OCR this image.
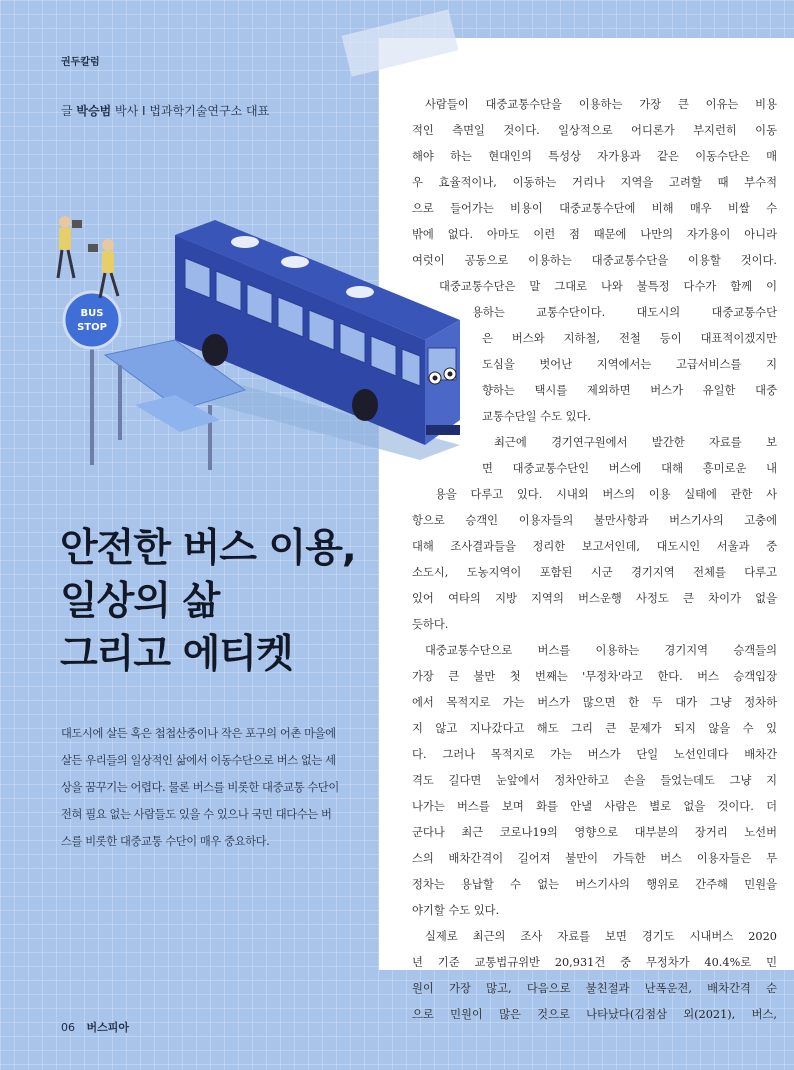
권두칼럼
글 박승범 박사 I 법과학기술연구소 대표
BUS
STOP
안전한 버스 이용,
일상의 삶
그리고 에티켓
대도시에 살든 혹은 첩첩산중이나 작은 포구의 어촌 마을에 살든 우리들의 일상적인 삶에서 이동수단으로 버스 없는 세상을 꿈꾸기는 어렵다. 물론 버스를 비롯한 대중교통 수단이 전혀 필요 없는 사람들도 있을 수 있으나 국민 대다수는 버스를 비롯한 대중교통 수단이 매우 중요하다.
사람들이 대중교통수단을 이용하는 가장 큰 이유는 비용
적인 측면일 것이다. 일상적으로 어디론가 부지런히 이동
해야 하는 현대인의 특성상 자가용과 같은 이동수단은 매
우 효율적이나, 이동하는 거리나 지역을 고려할 때 부수적
으로 들어가는 비용이 대중교통수단에 비해 매우 비쌀 수
밖에 없다. 아마도 이런 점 때문에 나만의 자가용이 아니라
여럿이 공동으로 이용하는 대중교통수단을 이용할 것이다.
대중교통수단은 말 그대로 나와 불특정 다수가 함께 이
용하는 교통수단이다. 대도시의 대중교통수단
은 버스와 지하철, 전철 등이 대표적이겠지만
도심을 벗어난 지역에서는 고급서비스를 지
향하는 택시를 제외하면 버스가 유일한 대중
교통수단일 수도 있다.
최근에 경기연구원에서 발간한 자료를 보
면 대중교통수단인 버스에 대해 흥미로운 내
용을 다루고 있다. 시내외 버스의 이용 실태에 관한 사
항으로 승객인 이용자들의 불만사항과 버스기사의 고충에
대해 조사결과들을 정리한 보고서인데, 대도시인 서울과 중
소도시, 도농지역이 포함된 시군 경기지역 전체를 다루고
있어 여타의 지방 지역의 버스운행 사정도 큰 차이가 없을
듯하다.
대중교통수단으로 버스를 이용하는 경기지역 승객들의
가장 큰 불만 첫 번째는 '무정차'라고 한다. 버스 승객입장
에서 목적지로 가는 버스가 많으면 한 두 대가 그냥 정차하
지 않고 지나갔다고 해도 그리 큰 문제가 되지 않을 수 있
다. 그러나 목적지로 가는 버스가 단일 노선인데다 배차간
격도 길다면 눈앞에서 정차안하고 손을 들었는데도 그냥 지
나가는 버스를 보며 화를 안낼 사람은 별로 없을 것이다. 더
군다나 최근 코로나19의 영향으로 대부분의 장거리 노선버
스의 배차간격이 길어져 불만이 가득한 버스 이용자들은 무
정차는 용납할 수 없는 버스기사의 행위로 간주해 민원을
야기할 수도 있다.
실제로 최근의 조사 자료를 보면 경기도 시내버스 2020
년 기준 교통법규위반 20,931건 중 무정차가 40.4%로 민
원이 가장 많고, 다음으로 불친절과 난폭운전, 배차간격 순
으로 민원이 많은 것으로 나타났다(김점삼 외(2021), 버스,
06 버스피아
